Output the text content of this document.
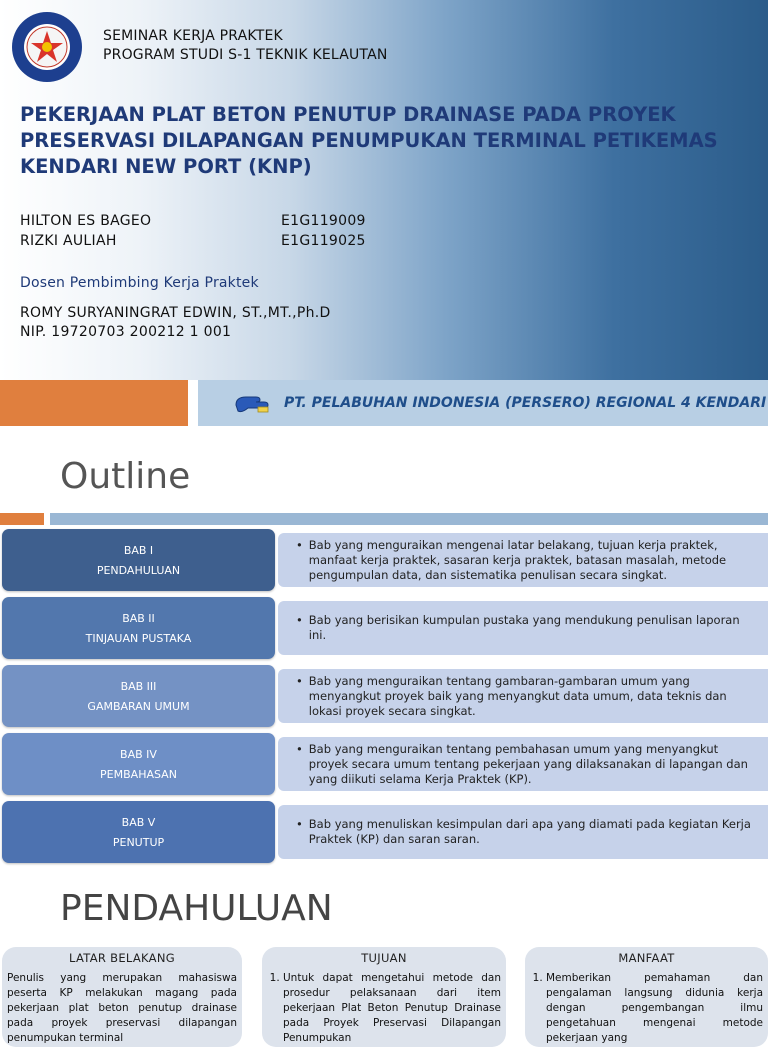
SEMINAR KERJA PRAKTEK
PROGRAM STUDI S-1 TEKNIK KELAUTAN
PEKERJAAN PLAT BETON PENUTUP DRAINASE PADA PROYEK
PRESERVASI DILAPANGAN PENUMPUKAN TERMINAL PETIKEMAS
KENDARI NEW PORT (KNP)
HILTON ES BAGEO	E1G119009
RIZKI AULIAH	E1G119025
Dosen Pembimbing Kerja Praktek
ROMY SURYANINGRAT EDWIN, ST.,MT.,Ph.D
NIP. 19720703 200212 1 001
PT. PELABUHAN INDONESIA (PERSERO) REGIONAL 4 KENDARI
Outline
BAB I
PENDAHULUAN
• Bab yang menguraikan mengenai latar belakang, tujuan kerja praktek, manfaat kerja praktek, sasaran kerja praktek, batasan masalah, metode pengumpulan data, dan sistematika penulisan secara singkat.
BAB II
TINJAUAN PUSTAKA
• Bab yang berisikan kumpulan pustaka yang mendukung penulisan laporan ini.
BAB III
GAMBARAN UMUM
• Bab yang menguraikan tentang gambaran-gambaran umum yang menyangkut proyek baik yang menyangkut data umum, data teknis dan lokasi proyek secara singkat.
BAB IV
PEMBAHASAN
• Bab yang menguraikan tentang pembahasan umum yang menyangkut proyek secara umum tentang pekerjaan yang dilaksanakan di lapangan dan yang diikuti selama Kerja Praktek (KP).
BAB V
PENUTUP
• Bab yang menuliskan kesimpulan dari apa yang diamati pada kegiatan Kerja Praktek (KP) dan saran saran.
PENDAHULUAN
LATAR BELAKANG
Penulis yang merupakan mahasiswa peserta KP melakukan magang pada pekerjaan plat beton penutup drainase pada proyek preservasi dilapangan penumpukan terminal
TUJUAN
1. Untuk dapat mengetahui metode dan prosedur pelaksanaan dari item pekerjaan Plat Beton Penutup Drainase pada Proyek Preservasi Dilapangan Penumpukan
MANFAAT
1. Memberikan pemahaman dan pengalaman langsung didunia kerja dengan pengembangan ilmu pengetahuan mengenai metode pekerjaan yang
